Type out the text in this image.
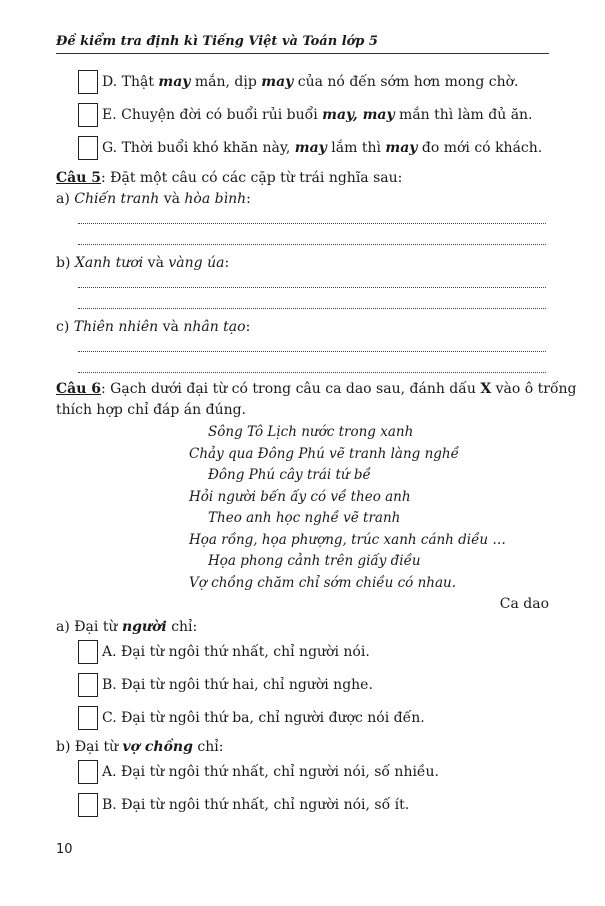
Đề kiểm tra định kì Tiếng Việt và Toán lớp 5
D. Thật may mắn, dịp may của nó đến sớm hơn mong chờ.
E. Chuyện đời có buổi rủi buổi may, may mắn thì làm đủ ăn.
G. Thời buổi khó khăn này, may lắm thì may đo mới có khách.
Câu 5: Đặt một câu có các cặp từ trái nghĩa sau:
a) Chiến tranh và hòa bình:
b) Xanh tươi và vàng úa:
c) Thiên nhiên và nhân tạo:
Câu 6: Gạch dưới đại từ có trong câu ca dao sau, đánh dấu X vào ô trống
thích hợp chỉ đáp án đúng.
Sông Tô Lịch nước trong xanh
Chảy qua Đông Phú vẽ tranh làng nghề
Đông Phú cây trái tứ bề
Hỏi người bến ấy có về theo anh
Theo anh học nghề vẽ tranh
Họa rồng, họa phượng, trúc xanh cánh diều …
Họa phong cảnh trên giấy điều
Vợ chồng chăm chỉ sớm chiều có nhau.
Ca dao
a) Đại từ người chỉ:
A. Đại từ ngôi thứ nhất, chỉ người nói.
B. Đại từ ngôi thứ hai, chỉ người nghe.
C. Đại từ ngôi thứ ba, chỉ người được nói đến.
b) Đại từ vợ chồng chỉ:
A. Đại từ ngôi thứ nhất, chỉ người nói, số nhiều.
B. Đại từ ngôi thứ nhất, chỉ người nói, số ít.
10
